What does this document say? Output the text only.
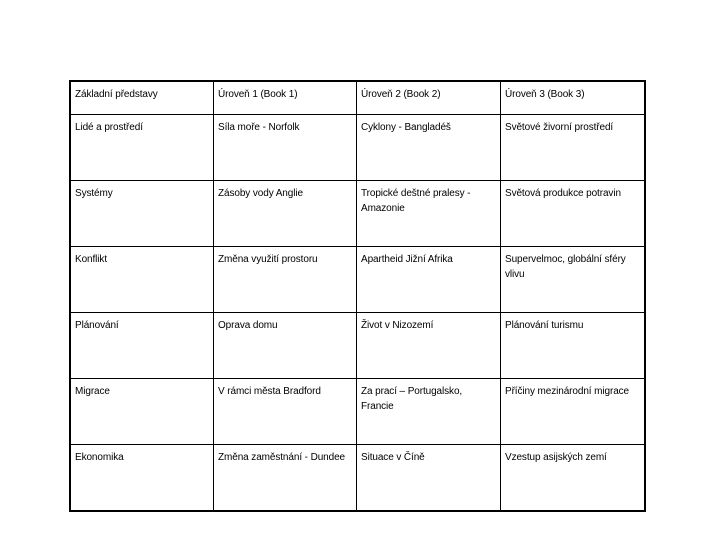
Základní představy	Úroveň 1 (Book 1)	Úroveň 2 (Book 2)	Úroveň 3 (Book 3)
Lidé a prostředí	Síla moře - Norfolk	Cyklony - Bangladéš	Světové živorní prostředí
Systémy	Zásoby vody Anglie	Tropické deštné pralesy - Amazonie	Světová produkce potravin
Konflikt	Změna využití prostoru	Apartheid Jižní Afrika	Supervelmoc, globální sféry vlivu
Plánování	Oprava domu	Život v Nizozemí	Plánování turismu
Migrace	V rámci města Bradford	Za prací – Portugalsko, Francie	Příčiny mezinárodní migrace
Ekonomika	Změna zaměstnání - Dundee	Situace v Číně	Vzestup asijských zemí
